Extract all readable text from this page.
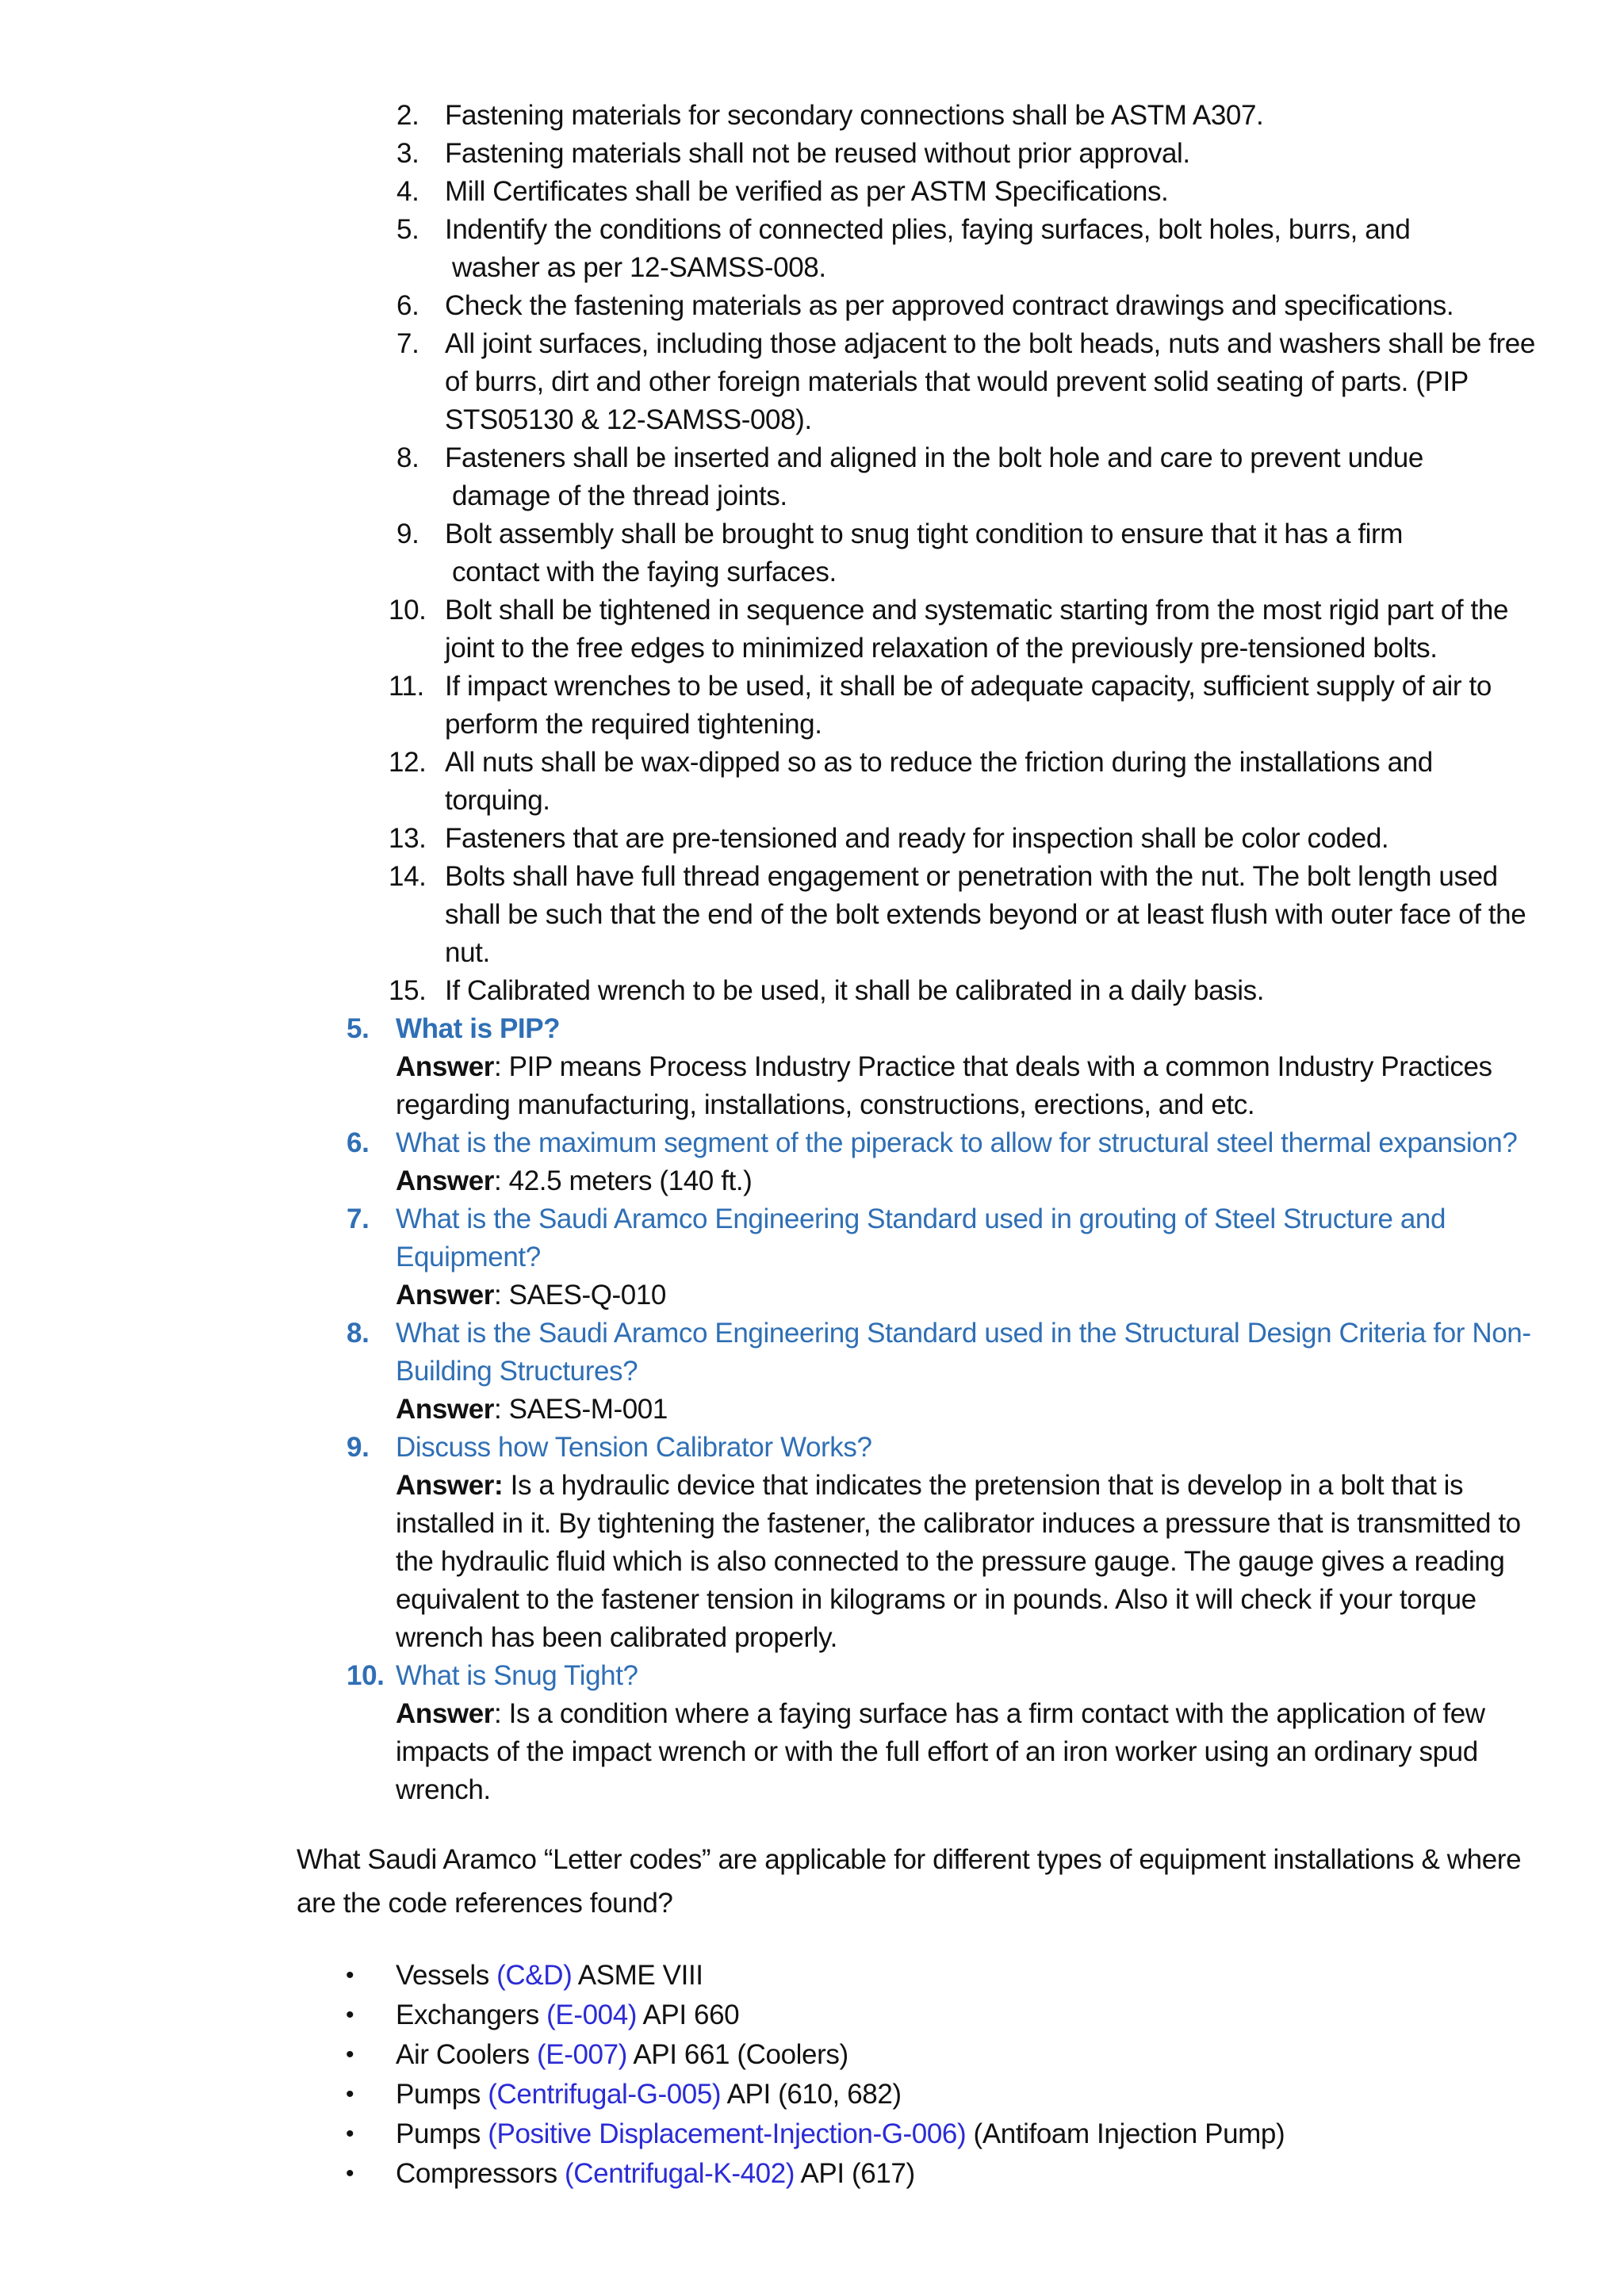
2. Fastening materials for secondary connections shall be ASTM A307.
3. Fastening materials shall not be reused without prior approval.
4. Mill Certificates shall be verified as per ASTM Specifications.
5. Indentify the conditions of connected plies, faying surfaces, bolt holes, burrs, and
washer as per 12-SAMSS-008.
6. Check the fastening materials as per approved contract drawings and specifications.
7. All joint surfaces, including those adjacent to the bolt heads, nuts and washers shall be free
of burrs, dirt and other foreign materials that would prevent solid seating of parts. (PIP
STS05130 & 12-SAMSS-008).
8. Fasteners shall be inserted and aligned in the bolt hole and care to prevent undue
damage of the thread joints.
9. Bolt assembly shall be brought to snug tight condition to ensure that it has a firm
contact with the faying surfaces.
10. Bolt shall be tightened in sequence and systematic starting from the most rigid part of the
joint to the free edges to minimized relaxation of the previously pre-tensioned bolts.
11. If impact wrenches to be used, it shall be of adequate capacity, sufficient supply of air to
perform the required tightening.
12. All nuts shall be wax-dipped so as to reduce the friction during the installations and
torquing.
13. Fasteners that are pre-tensioned and ready for inspection shall be color coded.
14. Bolts shall have full thread engagement or penetration with the nut. The bolt length used
shall be such that the end of the bolt extends beyond or at least flush with outer face of the
nut.
15. If Calibrated wrench to be used, it shall be calibrated in a daily basis.
5. What is PIP?
Answer: PIP means Process Industry Practice that deals with a common Industry Practices
regarding manufacturing, installations, constructions, erections, and etc.
6. What is the maximum segment of the piperack to allow for structural steel thermal expansion?
Answer: 42.5 meters (140 ft.)
7. What is the Saudi Aramco Engineering Standard used in grouting of Steel Structure and
Equipment?
Answer: SAES-Q-010
8. What is the Saudi Aramco Engineering Standard used in the Structural Design Criteria for Non-
Building Structures?
Answer: SAES-M-001
9. Discuss how Tension Calibrator Works?
Answer: Is a hydraulic device that indicates the pretension that is develop in a bolt that is
installed in it. By tightening the fastener, the calibrator induces a pressure that is transmitted to
the hydraulic fluid which is also connected to the pressure gauge. The gauge gives a reading
equivalent to the fastener tension in kilograms or in pounds. Also it will check if your torque
wrench has been calibrated properly.
10. What is Snug Tight?
Answer: Is a condition where a faying surface has a firm contact with the application of few
impacts of the impact wrench or with the full effort of an iron worker using an ordinary spud
wrench.
What Saudi Aramco “Letter codes” are applicable for different types of equipment installations & where
are the code references found?
• Vessels (C&D) ASME VIII
• Exchangers (E-004) API 660
• Air Coolers (E-007) API 661 (Coolers)
• Pumps (Centrifugal-G-005) API (610, 682)
• Pumps (Positive Displacement-Injection-G-006) (Antifoam Injection Pump)
• Compressors (Centrifugal-K-402) API (617)
